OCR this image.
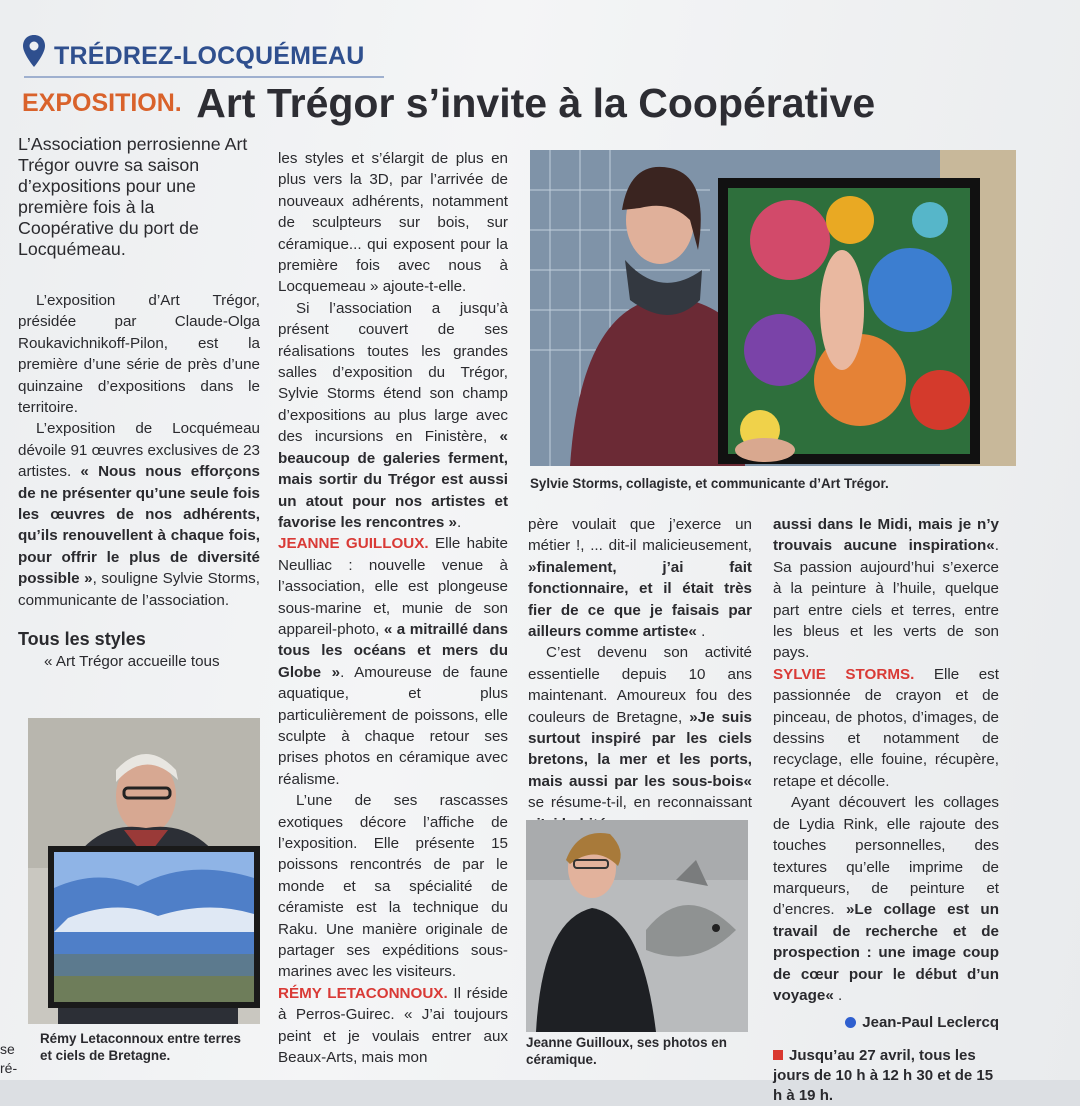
TRÉDREZ-LOCQUÉMEAU
EXPOSITION. Art Trégor s’invite à la Coopérative

L’Association perrosienne Art Trégor ouvre sa saison d’expositions pour une première fois à la Coopérative du port de Locquémeau.

L’exposition d’Art Trégor, présidée par Claude-Olga Roukavichnikoff-Pilon, est la première d’une série de près d’une quinzaine d’expositions dans le territoire.

L’exposition de Locquémeau dévoile 91 œuvres exclusives de 23 artistes. « Nous nous efforçons de ne présenter qu’une seule fois les œuvres de nos adhérents, qu’ils renouvellent à chaque fois, pour offrir le plus de diversité possible », souligne Sylvie Storms, communicante de l’association.

Tous les styles

« Art Trégor accueille tous

Rémy Letaconnoux entre terres et ciels de Bretagne.

les styles et s’élargit de plus en plus vers la 3D, par l’arrivée de nouveaux adhérents, notamment de sculpteurs sur bois, sur céramique... qui exposent pour la première fois avec nous à Locquemeau » ajoute-t-elle.

Si l’association a jusqu’à présent couvert de ses réalisations toutes les grandes salles d’exposition du Trégor, Sylvie Storms étend son champ d’expositions au plus large avec des incursions en Finistère, « beaucoup de galeries ferment, mais sortir du Trégor est aussi un atout pour nos artistes et favorise les rencontres ».

JEANNE GUILLOUX. Elle habite Neulliac : nouvelle venue à l’association, elle est plongeuse sous-marine et, munie de son appareil-photo, « a mitraillé dans tous les océans et mers du Globe ». Amoureuse de faune aquatique, et plus particulièrement de poissons, elle sculpte à chaque retour ses prises photos en céramique avec réalisme.

L’une de ses rascasses exotiques décore l’affiche de l’exposition. Elle présente 15 poissons rencontrés de par le monde et sa spécialité de céramiste est la technique du Raku. Une manière originale de partager ses expéditions sous-marines avec les visiteurs.

RÉMY LETACONNOUX. Il réside à Perros-Guirec. « J’ai toujours peint et je voulais entrer aux Beaux-Arts, mais mon

Sylvie Storms, collagiste, et communicante d’Art Trégor.

père voulait que j’exerce un métier !, ... dit-il malicieusement, »finalement, j’ai fait fonctionnaire, et il était très fier de ce que je faisais par ailleurs comme artiste« .

C’est devenu son activité essentielle depuis 10 ans maintenant. Amoureux fou des couleurs de Bretagne, »Je suis surtout inspiré par les ciels bretons, la mer et les ports, mais aussi par les sous-bois« se résume-t-il, en reconnaissant

Jeanne Guilloux, ses photos en céramique.

aussi dans le Midi, mais je n’y trouvais aucune inspiration«. Sa passion aujourd’hui s’exerce à la peinture à l’huile, quelque part entre ciels et terres, entre les bleus et les verts de son pays.

SYLVIE STORMS. Elle est passionnée de crayon et de pinceau, de photos, d’images, de dessins et notamment de recyclage, elle fouine, récupère, retape et décolle.

Ayant découvert les collages de Lydia Rink, elle rajoute des touches personnelles, des textures qu’elle imprime de marqueurs, de peinture et d’encres. »Le collage est un travail de recherche et de prospection : une image coup de cœur pour le début d’un voyage« .

Jean-Paul Leclercq

Jusqu’au 27 avril, tous les jours de 10 h à 12 h 30 et de 15 h à 19 h.

se
ré-
